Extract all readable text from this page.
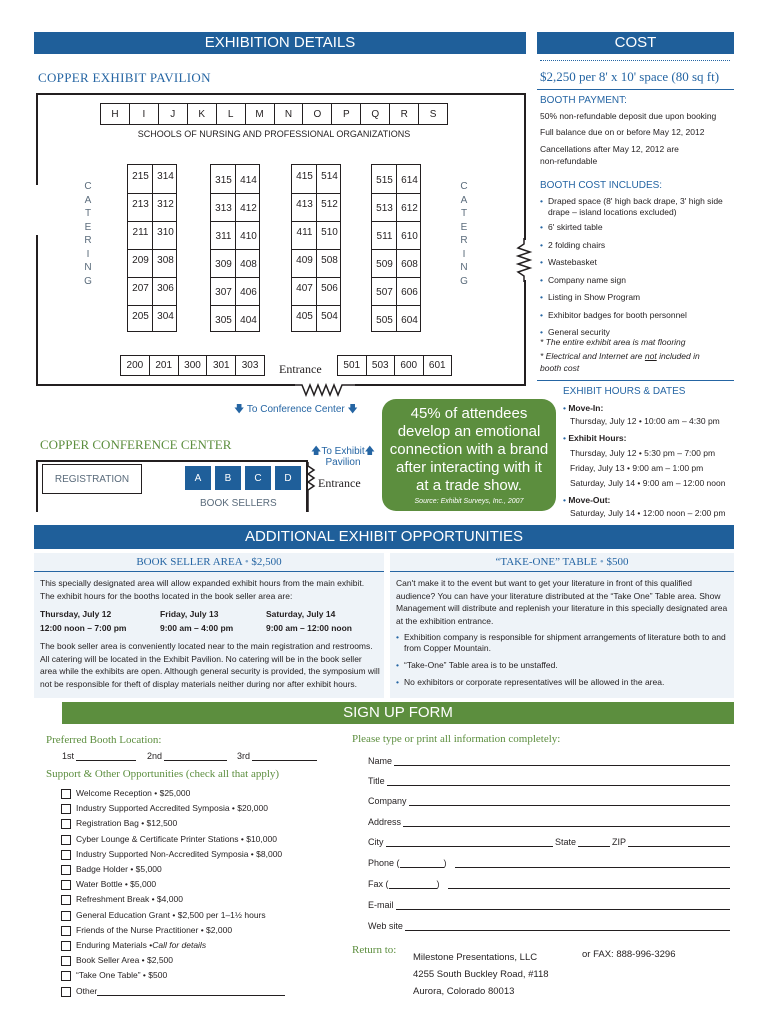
EXHIBITION DETAILS	COST
COPPER EXHIBIT PAVILION
H	I	J	K	L	M	N	O	P	Q	R	S
SCHOOLS OF NURSING AND PROFESSIONAL ORGANIZATIONS
C
A
T
E
R
I
N
G
C
A
T
E
R
I
N
G
215 314
213 312
211 310
209 308
207 306
205 304
315 414
313 412
311 410
309 408
307 406
305 404
415 514
413 512
411 510
409 508
407 506
405 504
515 614
513 612
511 610
509 608
507 606
505 604
200	201	300	301	303	Entrance	501	503	600	601
🡇 To Conference Center 🡇
COPPER CONFERENCE CENTER	🡅To Exhibit🡅
Pavilion
REGISTRATION	A	B	C	D
BOOK SELLERS
Entrance
45% of attendees develop an emotional connection with a brand after interacting with it at a trade show.
Source: Exhibit Surveys, Inc., 2007
$2,250 per 8' x 10' space (80 sq ft)
BOOTH PAYMENT:
50% non-refundable deposit due upon booking
Full balance due on or before May 12, 2012
Cancellations after May 12, 2012 are non-refundable
BOOTH COST INCLUDES:
• Draped space (8' high back drape, 3' high side drape – island locations excluded)
• 6' skirted table
• 2 folding chairs
• Wastebasket
• Company name sign
• Listing in Show Program
• Exhibitor badges for booth personnel
• General security
* The entire exhibit area is mat flooring
* Electrical and Internet are not included in booth cost
EXHIBIT HOURS & DATES
• Move-In:
Thursday, July 12 • 10:00 am – 4:30 pm
• Exhibit Hours:
Thursday, July 12 • 5:30 pm – 7:00 pm
Friday, July 13 • 9:00 am – 1:00 pm
Saturday, July 14 • 9:00 am – 12:00 noon
• Move-Out:
Saturday, July 14 • 12:00 noon – 2:00 pm
ADDITIONAL EXHIBIT OPPORTUNITIES
BOOK SELLER AREA • $2,500	“TAKE-ONE” TABLE • $500
This specially designated area will allow expanded exhibit hours from the main exhibit. The exhibit hours for the booths located in the book seller area are:
Thursday, July 12
12:00 noon – 7:00 pm
Friday, July 13
9:00 am – 4:00 pm
Saturday, July 14
9:00 am – 12:00 noon
The book seller area is conveniently located near to the main registration and restrooms. All catering will be located in the Exhibit Pavilion. No catering will be in the book seller area while the exhibits are open. Although general security is provided, the symposium will not be responsible for theft of display materials neither during nor after exhibit hours.
Can't make it to the event but want to get your literature in front of this qualified audience? You can have your literature distributed at the “Take One” Table area. Show Management will distribute and replenish your literature in this specially designated area at the exhibition entrance.
• Exhibition company is responsible for shipment arrangements of literature both to and from Copper Mountain.
• “Take-One” Table area is to be unstaffed.
• No exhibitors or corporate representatives will be allowed in the area.
SIGN UP FORM
Preferred Booth Location:
1st	2nd	3rd
Support & Other Opportunities (check all that apply)
Welcome Reception • $25,000
Industry Supported Accredited Symposia • $20,000
Registration Bag • $12,500
Cyber Lounge & Certificate Printer Stations • $10,000
Industry Supported Non-Accredited Symposia • $8,000
Badge Holder • $5,000
Water Bottle • $5,000
Refreshment Break • $4,000
General Education Grant • $2,500 per 1–1½ hours
Friends of the Nurse Practitioner • $2,000
Enduring Materials • Call for details
Book Seller Area • $2,500
“Take One Table” • $500
Other
Please type or print all information completely:
Name
Title
Company
Address
City	State	ZIP
Phone (	)
Fax (	)
E-mail
Web site
Return to:
Milestone Presentations, LLC
4255 South Buckley Road, #118
Aurora, Colorado 80013
or FAX: 888-996-3296
